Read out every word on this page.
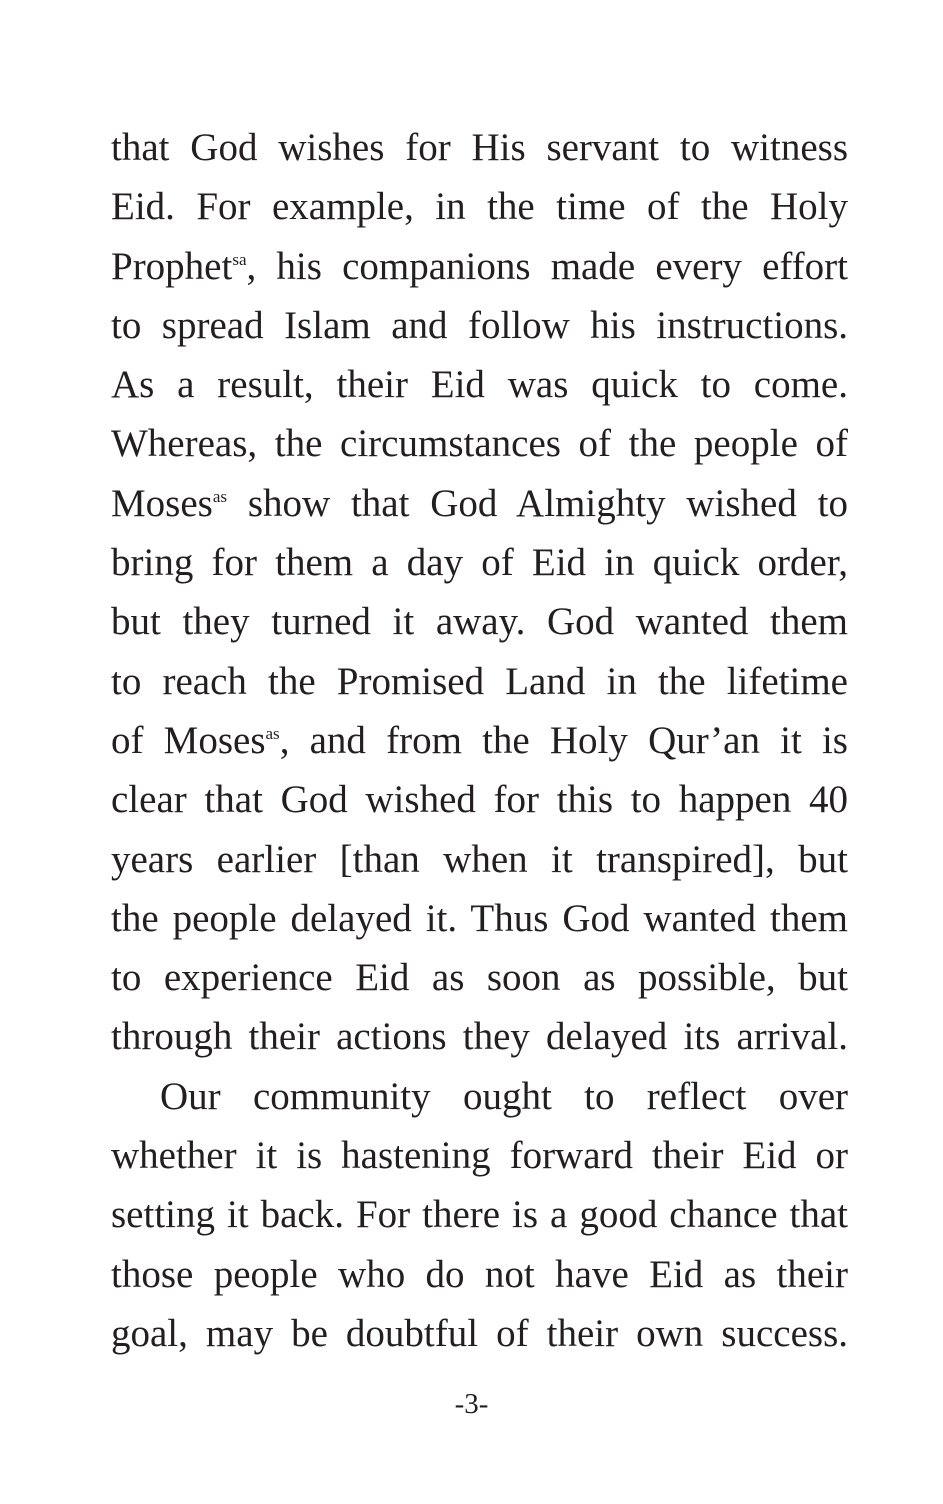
that God wishes for His servant to witness
Eid. For example, in the time of the Holy
Prophet$^{sa}$, his companions made every effort
to spread Islam and follow his instructions.
As a result, their Eid was quick to come.
Whereas, the circumstances of the people of
Moses$^{as}$ show that God Almighty wished to
bring for them a day of Eid in quick order,
but they turned it away. God wanted them
to reach the Promised Land in the lifetime
of Moses$^{as}$, and from the Holy Qur’an it is
clear that God wished for this to happen 40
years earlier [than when it transpired], but
the people delayed it. Thus God wanted them
to experience Eid as soon as possible, but
through their actions they delayed its arrival.
Our community ought to reflect over
whether it is hastening forward their Eid or
setting it back. For there is a good chance that
those people who do not have Eid as their
goal, may be doubtful of their own success.
-3-
